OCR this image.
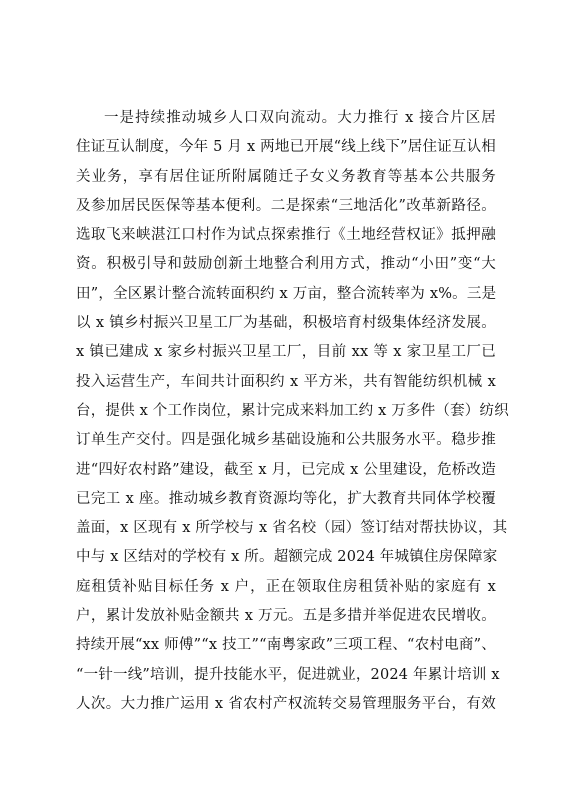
一是持续推动城乡人口双向流动。大力推行 x 接合片区居
住证互认制度，今年 5 月 x 两地已开展“线上线下”居住证互认相
关业务，享有居住证所附属随迁子女义务教育等基本公共服务
及参加居民医保等基本便利。二是探索“三地活化”改革新路径。
选取飞来峡湛江口村作为试点探索推行《土地经营权证》抵押融
资。积极引导和鼓励创新土地整合利用方式，推动“小田”变“大
田”，全区累计整合流转面积约 x 万亩，整合流转率为 x%。三是
以 x 镇乡村振兴卫星工厂为基础，积极培育村级集体经济发展。
x 镇已建成 x 家乡村振兴卫星工厂，目前 xx 等 x 家卫星工厂已
投入运营生产，车间共计面积约 x 平方米，共有智能纺织机械 x
台，提供 x 个工作岗位，累计完成来料加工约 x 万多件（套）纺织
订单生产交付。四是强化城乡基础设施和公共服务水平。稳步推
进“四好农村路”建设，截至 x 月，已完成 x 公里建设，危桥改造
已完工 x 座。推动城乡教育资源均等化，扩大教育共同体学校覆
盖面，x 区现有 x 所学校与 x 省名校（园）签订结对帮扶协议，其
中与 x 区结对的学校有 x 所。超额完成 2024 年城镇住房保障家
庭租赁补贴目标任务 x 户，正在领取住房租赁补贴的家庭有 x
户，累计发放补贴金额共 x 万元。五是多措并举促进农民增收。
持续开展“xx 师傅”“x 技工”“南粤家政”三项工程、“农村电商”、
“一针一线”培训，提升技能水平，促进就业，2024 年累计培训 x
人次。大力推广运用 x 省农村产权流转交易管理服务平台，有效
